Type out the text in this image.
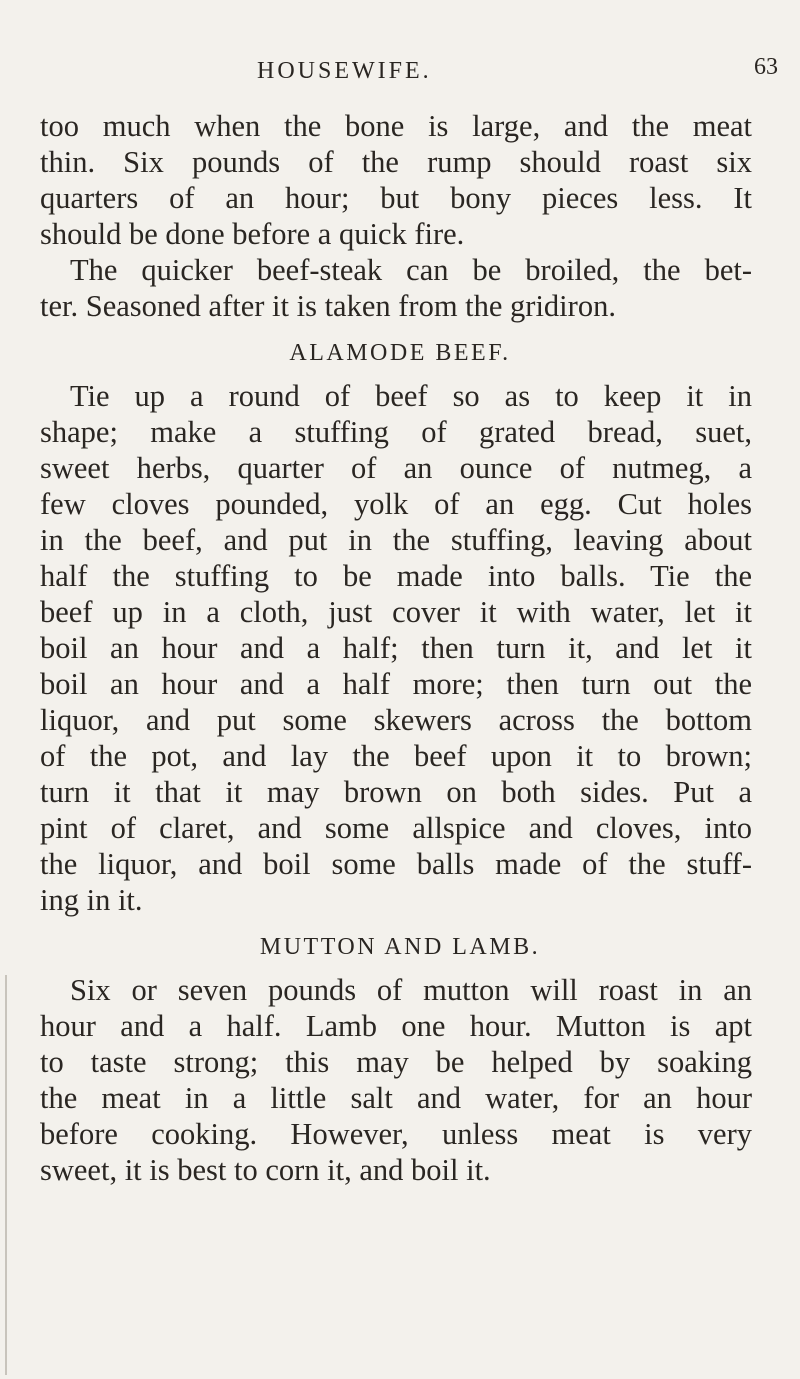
HOUSEWIFE.	63
too much when the bone is large, and the meat
thin. Six pounds of the rump should roast six
quarters of an hour; but bony pieces less. It
should be done before a quick fire.
The quicker beef-steak can be broiled, the bet-
ter. Seasoned after it is taken from the gridiron.
ALAMODE BEEF.
Tie up a round of beef so as to keep it in
shape; make a stuffing of grated bread, suet,
sweet herbs, quarter of an ounce of nutmeg, a
few cloves pounded, yolk of an egg. Cut holes
in the beef, and put in the stuffing, leaving about
half the stuffing to be made into balls. Tie the
beef up in a cloth, just cover it with water, let it
boil an hour and a half; then turn it, and let it
boil an hour and a half more; then turn out the
liquor, and put some skewers across the bottom
of the pot, and lay the beef upon it to brown;
turn it that it may brown on both sides. Put a
pint of claret, and some allspice and cloves, into
the liquor, and boil some balls made of the stuff-
ing in it.
MUTTON AND LAMB.
Six or seven pounds of mutton will roast in an
hour and a half. Lamb one hour. Mutton is apt
to taste strong; this may be helped by soaking
the meat in a little salt and water, for an hour
before cooking. However, unless meat is very
sweet, it is best to corn it, and boil it.
